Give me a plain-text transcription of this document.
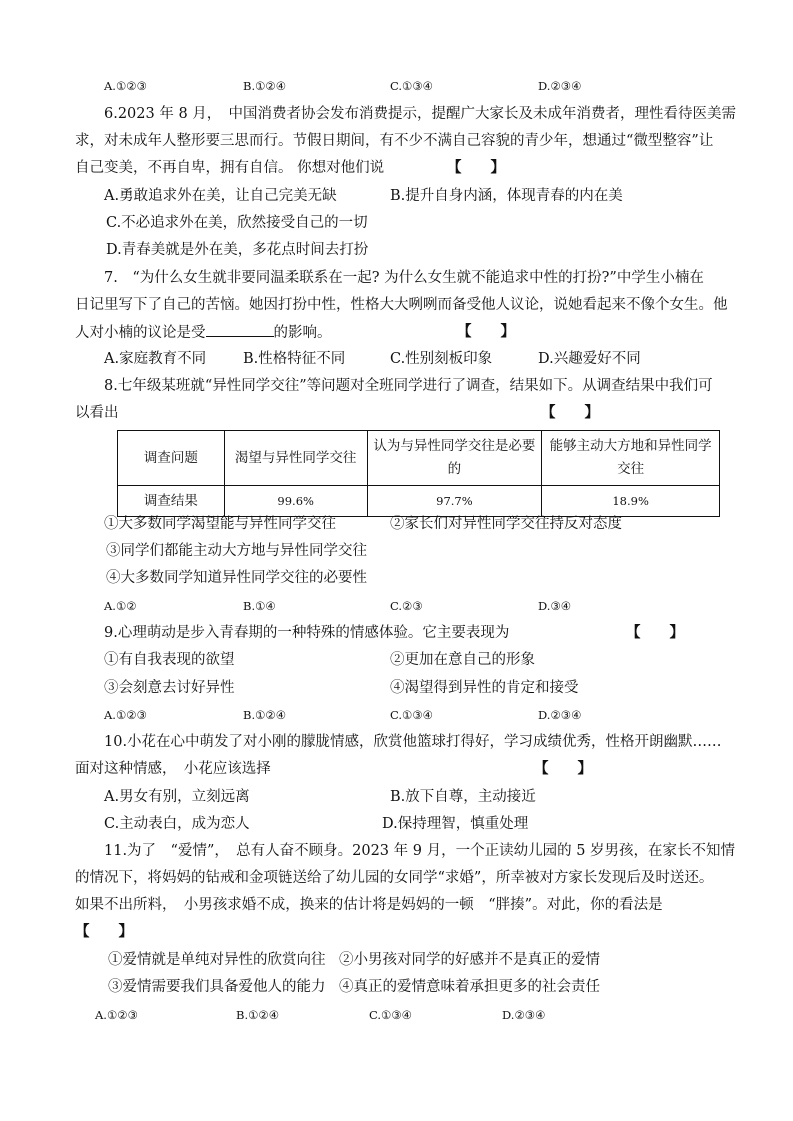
A.①②③	B.①②④	C.①③④	D.②③④
6.2023 年 8 月，　中国消费者协会发布消费提示，提醒广大家长及未成年消费者，理性看待医美需
求，对未成年人整形要三思而行。节假日期间，有不少不满自己容貌的青少年，想通过“微型整容”让
自己变美，不再自卑，拥有自信。 你想对他们说	【　　】
A.勇敢追求外在美，让自己完美无缺	B.提升自身内涵，体现青春的内在美
C.不必追求外在美，欣然接受自己的一切
D.青春美就是外在美，多花点时间去打扮
7.　“为什么女生就非要同温柔联系在一起? 为什么女生就不能追求中性的打扮?”中学生小楠在
日记里写下了自己的苦恼。她因打扮中性，性格大大咧咧而备受他人议论，说她看起来不像个女生。他
人对小楠的议论是受	的影响。	【　　】
A.家庭教育不同	B.性格特征不同	C.性别刻板印象	D.兴趣爱好不同
8.七年级某班就“异性同学交往”等问题对全班同学进行了调查，结果如下。从调查结果中我们可
以看出	【　　】
调查问题	渴望与异性同学交往	认为与异性同学交往是必要的	能够主动大方地和异性同学交往
调查结果	99.6%	97.7%	18.9%
①大多数同学渴望能与异性同学交往	②家长们对异性同学交往持反对态度
③同学们都能主动大方地与异性同学交往
④大多数同学知道异性同学交往的必要性
A.①②	B.①④	C.②③	D.③④
9.心理萌动是步入青春期的一种特殊的情感体验。它主要表现为	【　　】
①有自我表现的欲望	②更加在意自己的形象
③会刻意去讨好异性	④渴望得到异性的肯定和接受
A.①②③	B.①②④	C.①③④	D.②③④
10.小花在心中萌发了对小刚的朦胧情感，欣赏他篮球打得好，学习成绩优秀，性格开朗幽默……
面对这种情感，　小花应该选择	【　　】
A.男女有别，立刻远离	B.放下自尊，主动接近
C.主动表白，成为恋人	D.保持理智，慎重处理
11.为了　“爱情”，　总有人奋不顾身。2023 年 9 月，一个正读幼儿园的 5 岁男孩，在家长不知情
的情况下，将妈妈的钻戒和金项链送给了幼儿园的女同学“求婚”，所幸被对方家长发现后及时送还。
如果不出所料，　小男孩求婚不成，换来的估计将是妈妈的一顿　“胖揍”。对此，你的看法是
【　　】
①爱情就是单纯对异性的欣赏向往 ②小男孩对同学的好感并不是真正的爱情
③爱情需要我们具备爱他人的能力 ④真正的爱情意味着承担更多的社会责任
A.①②③	B.①②④	C.①③④	D.②③④
